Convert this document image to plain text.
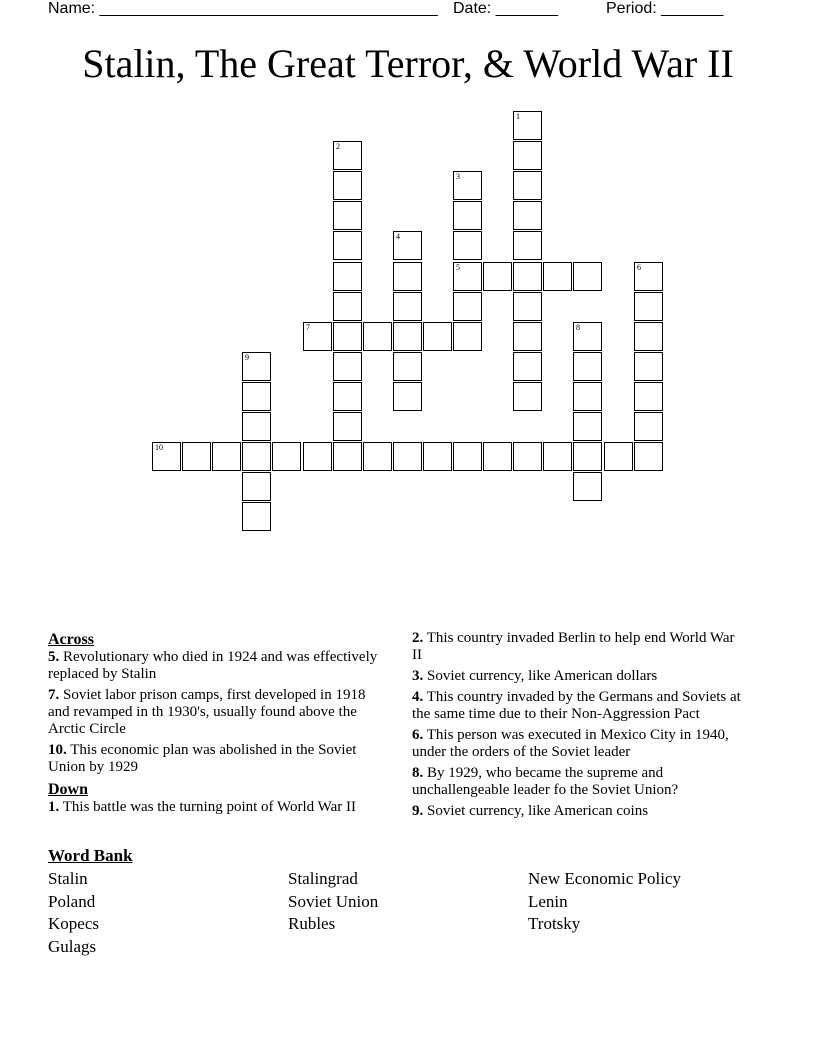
Name: ______________________________________ Date: _______	Period: _______
Stalin, The Great Terror, & World War II
1
2
3
5
4
6
7	8
9
10
Across
5. Revolutionary who died in 1924 and was effectively replaced by Stalin
7. Soviet labor prison camps, first developed in 1918 and revamped in th 1930's, usually found above the Arctic Circle
10. This economic plan was abolished in the Soviet Union by 1929
Down
1. This battle was the turning point of World War II
2. This country invaded Berlin to help end World War II
3. Soviet currency, like American dollars
4. This country invaded by the Germans and Soviets at the same time due to their Non-Aggression Pact
6. This person was executed in Mexico City in 1940, under the orders of the Soviet leader
8. By 1929, who became the supreme and unchallengeable leader fo the Soviet Union?
9. Soviet currency, like American coins
Word Bank
Stalin	Stalingrad	New Economic Policy
Poland	Soviet Union	Lenin
Kopecs	Rubles	Trotsky
Gulags
